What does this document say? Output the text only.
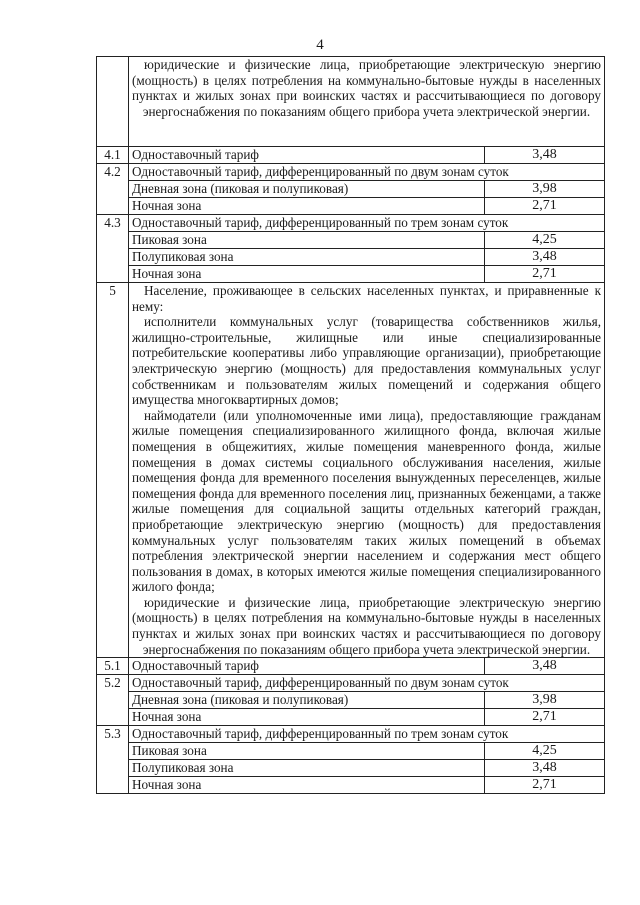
4

	юридические и физические лица, приобретающие электрическую энергию (мощность) в целях потребления на коммунально-бытовые нужды в населенных пунктах и жилых зонах при воинских частях и рассчитывающиеся по договору энергоснабжения по показаниям общего прибора учета электрической энергии.	

4.1	Одноставочный тариф	3,48
4.2	Одноставочный тариф, дифференцированный по двум зонам суток	
	Дневная зона (пиковая и полупиковая)	3,98
	Ночная зона	2,71
4.3	Одноставочный тариф, дифференцированный по трем зонам суток	
	Пиковая зона	4,25
	Полупиковая зона	3,48
	Ночная зона	2,71
5	Население, проживающее в сельских населенных пунктах, и приравненные к нему:
исполнители коммунальных услуг (товарищества собственников жилья, жилищно-строительные, жилищные или иные специализированные потребительские кооперативы либо управляющие организации), приобретающие электрическую энергию (мощность) для предоставления коммунальных услуг собственникам и пользователям жилых помещений и содержания общего имущества многоквартирных домов;
наймодатели (или уполномоченные ими лица), предоставляющие гражданам жилые помещения специализированного жилищного фонда, включая жилые помещения в общежитиях, жилые помещения маневренного фонда, жилые помещения в домах системы социального обслуживания населения, жилые помещения фонда для временного поселения вынужденных переселенцев, жилые помещения фонда для временного поселения лиц, признанных беженцами, а также жилые помещения для социальной защиты отдельных категорий граждан, приобретающие электрическую энергию (мощность) для предоставления коммунальных услуг пользователям таких жилых помещений в объемах потребления электрической энергии населением и содержания мест общего пользования в домах, в которых имеются жилые помещения специализированного жилого фонда;
юридические и физические лица, приобретающие электрическую энергию (мощность) в целях потребления на коммунально-бытовые нужды в населенных пунктах и жилых зонах при воинских частях и рассчитывающиеся по договору энергоснабжения по показаниям общего прибора учета электрической энергии.	

5.1	Одноставочный тариф	3,48
5.2	Одноставочный тариф, дифференцированный по двум зонам суток	
	Дневная зона (пиковая и полупиковая)	3,98
	Ночная зона	2,71
5.3	Одноставочный тариф, дифференцированный по трем зонам суток	
	Пиковая зона	4,25
	Полупиковая зона	3,48
	Ночная зона	2,71
